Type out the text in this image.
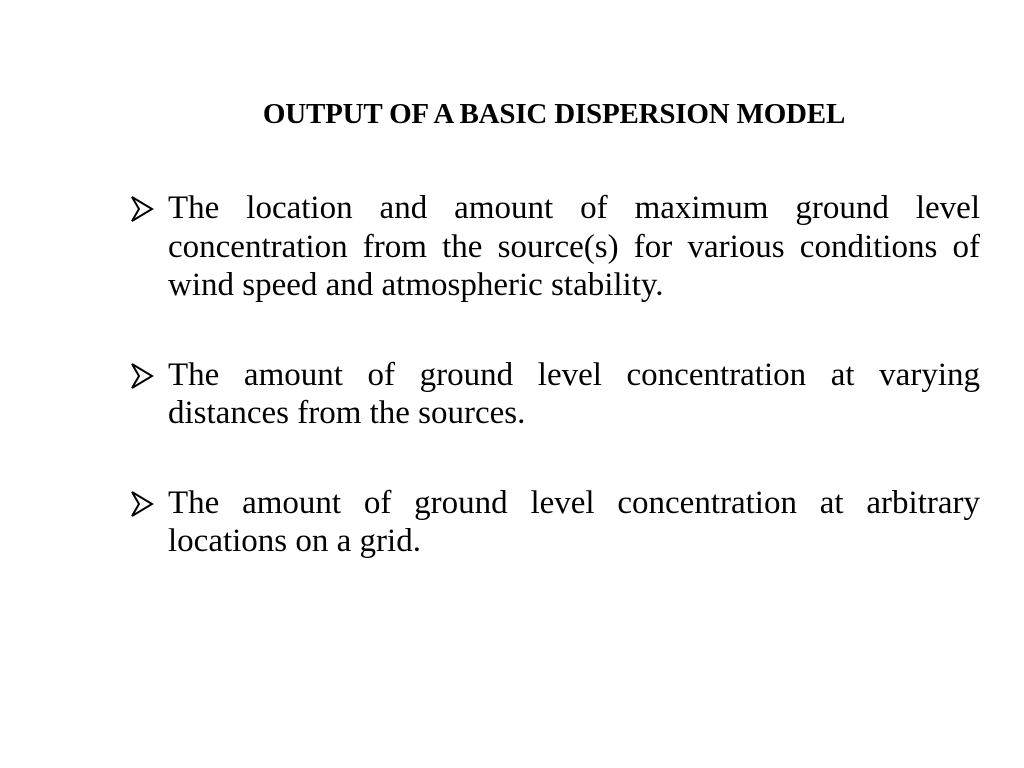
OUTPUT OF A BASIC DISPERSION MODEL

The location and amount of maximum ground level concentration from the source(s) for various conditions of wind speed and atmospheric stability.

The amount of ground level concentration at varying distances from the sources.

The amount of ground level concentration at arbitrary locations on a grid.
